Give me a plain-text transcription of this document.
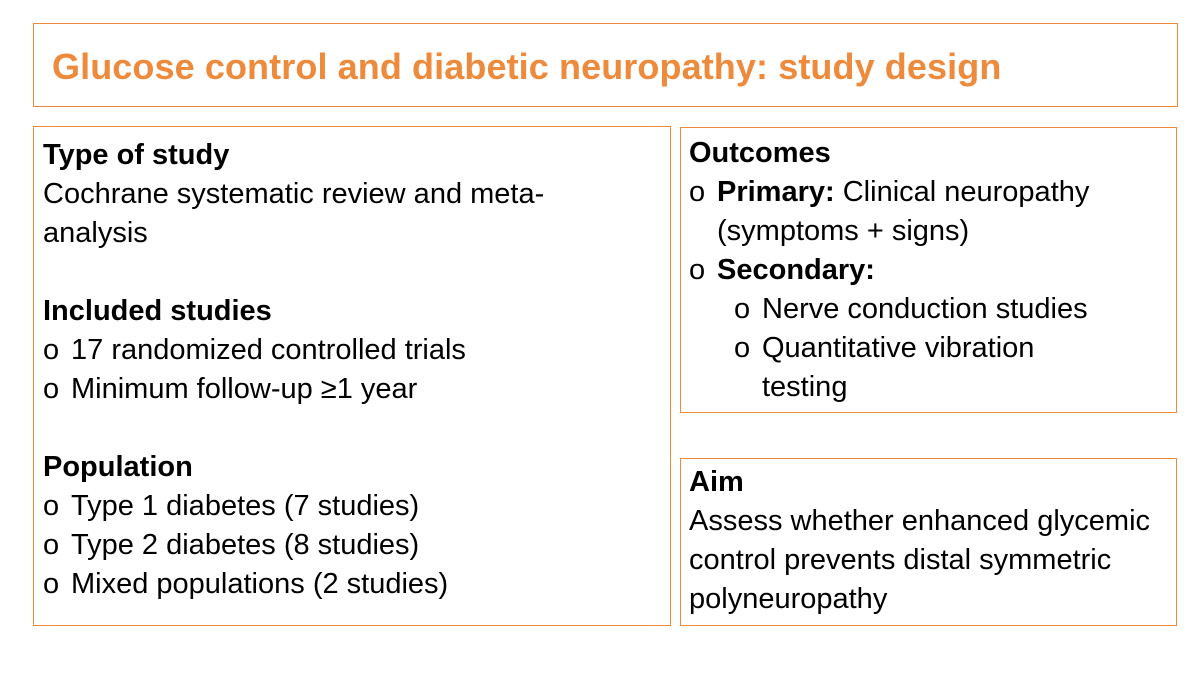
Glucose control and diabetic neuropathy: study design
Type of study
Cochrane systematic review and meta-analysis
Included studies
o 17 randomized controlled trials
o Minimum follow-up ≥1 year
Population
o Type 1 diabetes (7 studies)
o Type 2 diabetes (8 studies)
o Mixed populations (2 studies)
Outcomes
o Primary: Clinical neuropathy (symptoms + signs)
o Secondary:
o Nerve conduction studies
o Quantitative vibration testing
Aim
Assess whether enhanced glycemic control prevents distal symmetric polyneuropathy
